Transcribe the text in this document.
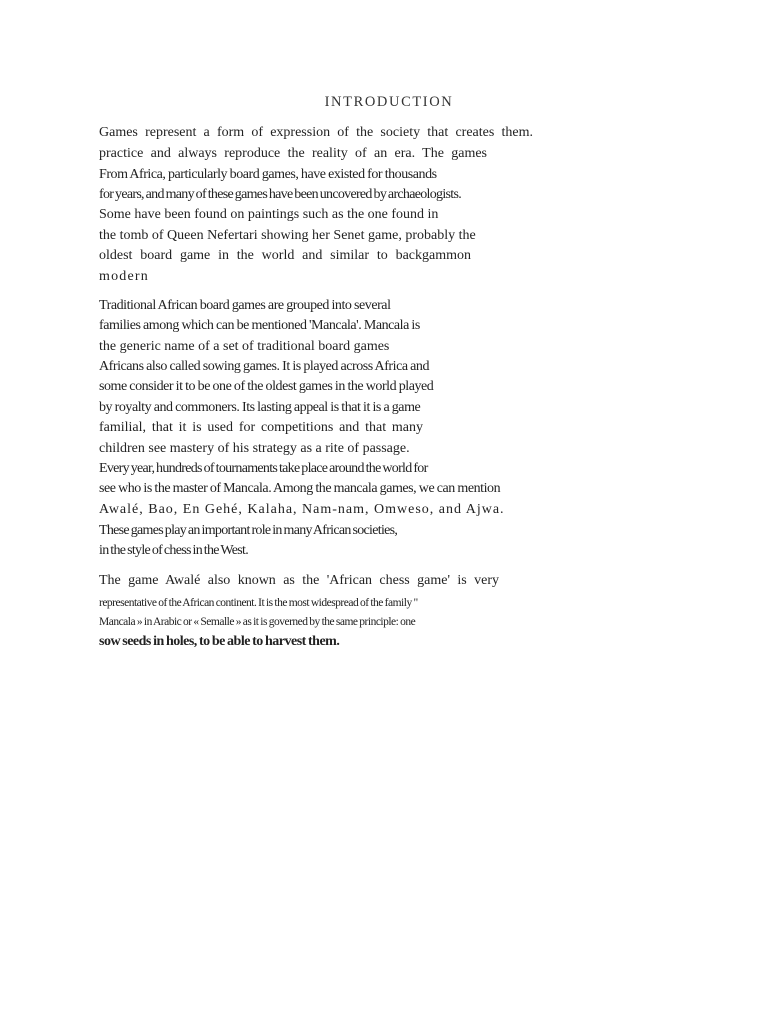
INTRODUCTION
Games represent a form of expression of the society that creates them.
practice and always reproduce the reality of an era. The games
From Africa, particularly board games, have existed for thousands
for years, and many of these games have been uncovered by archaeologists.
Some have been found on paintings such as the one found in
the tomb of Queen Nefertari showing her Senet game, probably the
oldest board game in the world and similar to backgammon
modern
Traditional African board games are grouped into several
families among which can be mentioned 'Mancala'. Mancala is
the generic name of a set of traditional board games
Africans also called sowing games. It is played across Africa and
some consider it to be one of the oldest games in the world played
by royalty and commoners. Its lasting appeal is that it is a game
familial, that it is used for competitions and that many
children see mastery of his strategy as a rite of passage.
Every year, hundreds of tournaments take place around the world for
see who is the master of Mancala. Among the mancala games, we can mention
Awalé, Bao, En Gehé, Kalaha, Nam-nam, Omweso, and Ajwa.
These games play an important role in many African societies,
in the style of chess in the West.
The game Awalé also known as the 'African chess game' is very
representative of the African continent. It is the most widespread of the family "
Mancala » in Arabic or « Semalle » as it is governed by the same principle: one
sow seeds in holes, to be able to harvest them.
